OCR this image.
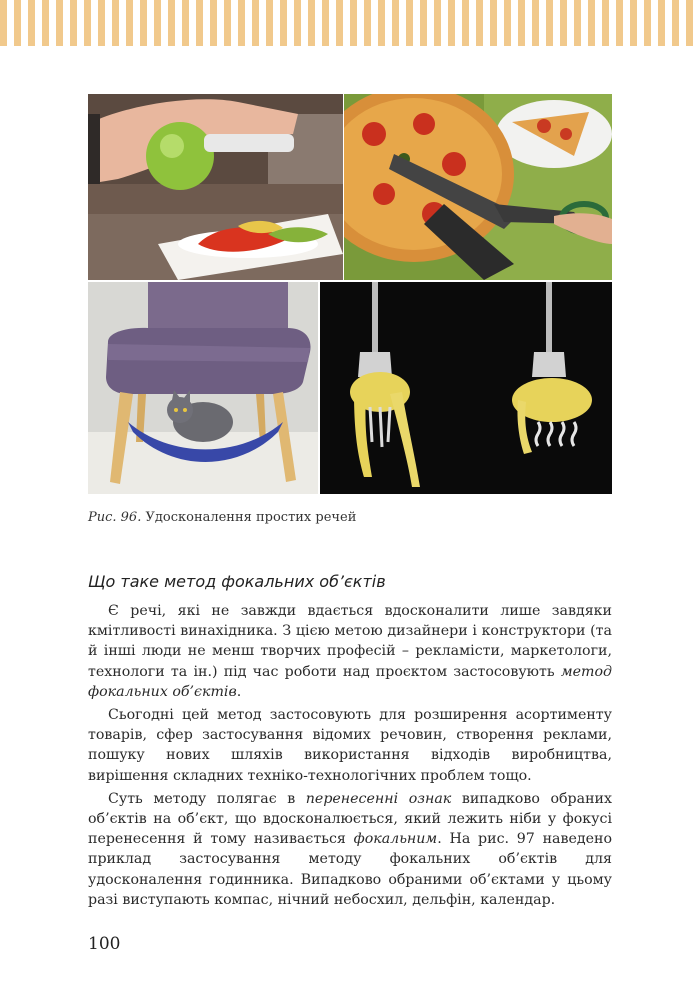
Рис. 96. Удосконалення простих речей
Що таке метод фокальних об’єктів

Є речі, які не завжди вдається вдосконалити лише завдяки кмітливості винахідника. З цією метою дизайнери і конструктори (та й інші люди не менш творчих професій – рекламісти, маркетологи, технологи та ін.) під час роботи над проєктом застосовують метод фокальних об’єктів.

Сьогодні цей метод застосовують для розширення асортименту товарів, сфер застосування відомих речовин, створення реклами, пошуку нових шляхів використання відходів виробництва, вирішення складних техніко-технологічних проблем тощо.

Суть методу полягає в перенесенні ознак випадково обраних об’єктів на об’єкт, що вдосконалюється, який лежить ніби у фокусі перенесення й тому називається фокальним. На рис. 97 наведено приклад застосування методу фокальних об’єктів для удосконалення годинника. Випадково обраними об’єктами у цьому разі виступають компас, нічний небосхил, дельфін, календар.

100
